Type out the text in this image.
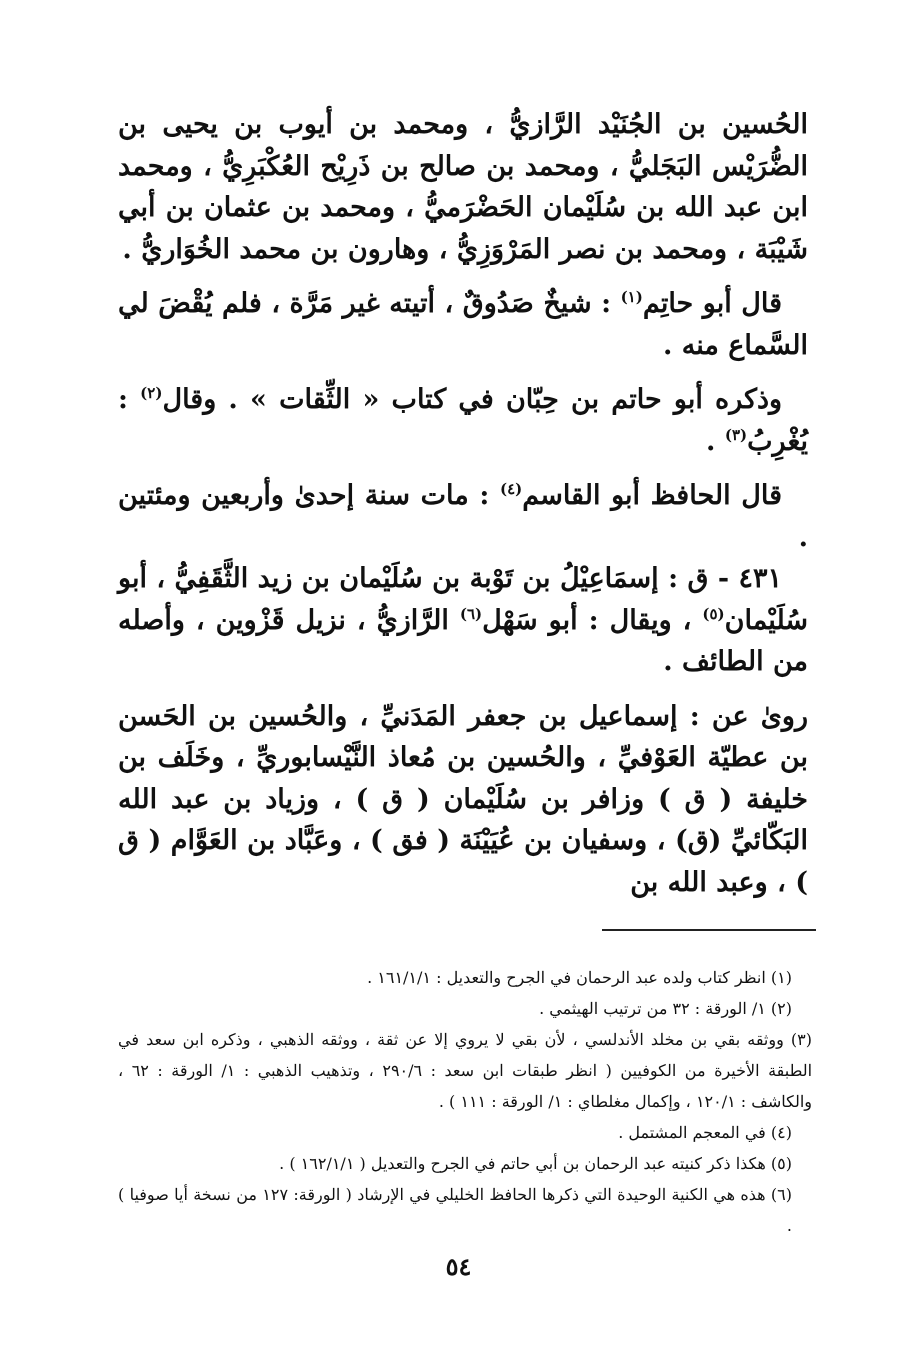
الحُسين بن الجُنَيْد الرَّازيُّ ، ومحمد بن أيوب بن يحيى بن الضُّرَيْس البَجَليُّ ، ومحمد بن صالح بن ذَرِيْح العُكْبَرِيُّ ، ومحمد ابن عبد الله بن سُلَيْمان الحَضْرَميُّ ، ومحمد بن عثمان بن أبي شَيْبَة ، ومحمد بن نصر المَرْوَزِيُّ ، وهارون بن محمد الخُوَاريُّ .

قال أبو حاتِم$^{(١)}$ : شيخٌ صَدُوقٌ ، أتيته غير مَرَّة ، فلم يُقْضَ لي السَّماع منه .

وذكره أبو حاتم بن حِبّان في كتاب « الثِّقات » . وقال$^{(٢)}$ : يُغْرِبُ$^{(٣)}$ .

قال الحافظ أبو القاسم$^{(٤)}$ : مات سنة إحدىٰ وأربعين ومئتين .

٤٣١ - ق : إسمَاعِيْلُ بن تَوْبة بن سُلَيْمان بن زيد الثَّقَفِيُّ ، أبو سُلَيْمان$^{(٥)}$ ، ويقال : أبو سَهْل$^{(٦)}$ الرَّازيُّ ، نزيل قَزْوين ، وأصله من الطائف .

رویٰ عن : إسماعيل بن جعفر المَدَنيِّ ، والحُسين بن الحَسن بن عطيّة العَوْفيِّ ، والحُسين بن مُعاذ النَّيْسابوريِّ ، وخَلَف بن خليفة ( ق ) وزافر بن سُلَيْمان ( ق ) ، وزياد بن عبد الله البَكّائيِّ (ق) ، وسفيان بن عُيَيْنَة ( فق ) ، وعَبَّاد بن العَوَّام ( ق ) ، وعبد الله بن

(١) انظر كتاب ولده عبد الرحمان في الجرح والتعديل : ١٦١/١/١ .

(٢) ١/ الورقة : ٣٢ من ترتيب الهيثمي .

(٣) ووثقه بقي بن مخلد الأندلسي ، لأن بقي لا يروي إلا عن ثقة ، ووثقه الذهبي ، وذكره ابن سعد في الطبقة الأخيرة من الكوفيين ( انظر طبقات ابن سعد : ٢٩٠/٦ ، وتذهيب الذهبي : ١/ الورقة : ٦٢ ، والكاشف : ١٢٠/١ ، وإكمال مغلطاي : ١/ الورقة : ١١١ ) .

(٤) في المعجم المشتمل .

(٥) هكذا ذكر كنيته عبد الرحمان بن أبي حاتم في الجرح والتعديل ( ١٦٢/١/١ ) .

(٦) هذه هي الكنية الوحيدة التي ذكرها الحافظ الخليلي في الإرشاد ( الورقة: ١٢٧ من نسخة أيا صوفيا ) .

٥٤
